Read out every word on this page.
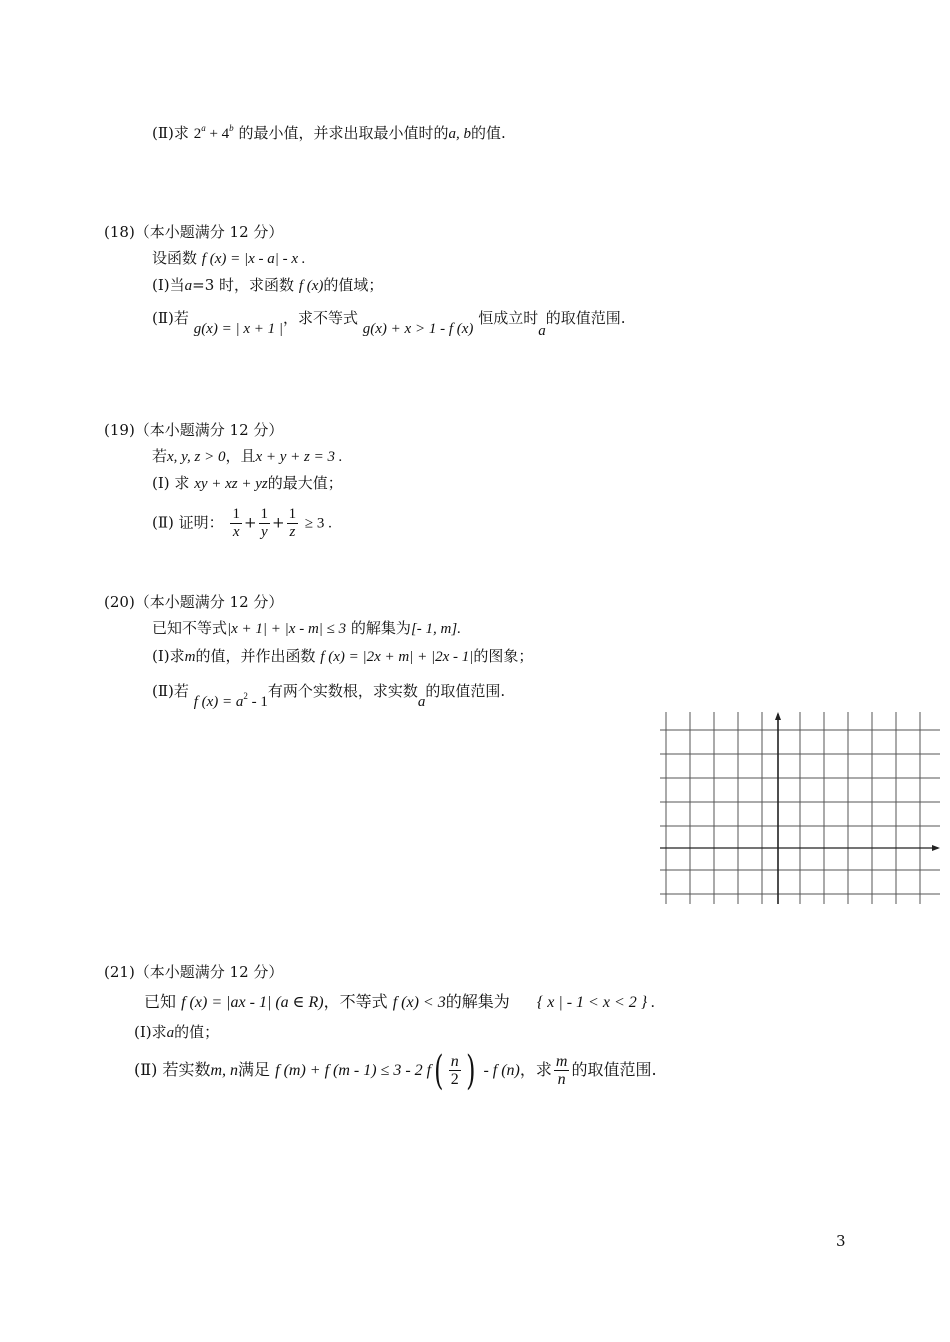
(Ⅱ)求 $2^a + 4^b$ 的最小值，并求出取最小值时的a, b的值.
(18)（本小题满分 12 分）
设函数 f (x) = |x - a| - x .
(Ⅰ)当a=3 时，求函数 f (x)的值域；
(Ⅱ)若 g(x) = | x + 1 |，求不等式 g(x) + x > 1 - f (x) 恒成立时a的取值范围.
(19)（本小题满分 12 分）
若x, y, z > 0，且x + y + z = 3 .
(Ⅰ) 求 xy + xz + yz的最大值；
(Ⅱ) 证明： $\frac{1}{x} + \frac{1}{y} + \frac{1}{z} \ge 3$ .
(20)（本小题满分 12 分）
已知不等式|x + 1| + |x - m| ≤ 3 的解集为[- 1, m].
(Ⅰ)求m的值，并作出函数 f (x) = |2x + m| + |2x - 1|的图象；
(Ⅱ)若 f $(x) = a^2 - 1$有两个实数根，求实数a的取值范围.
(21)（本小题满分 12 分）
已知 f (x) = |ax - 1| (a ∈ R)，不等式 f (x) < 3的解集为 { x | - 1 < x < 2 } .
(Ⅰ)求a的值；
(Ⅱ) 若实数m, n满足 f (m) + f (m - 1) ≤ 3 - 2 $f( \frac{n}{2}$ ) - f (n)，求 $\frac{m}{n}$ 的取值范围.
3
